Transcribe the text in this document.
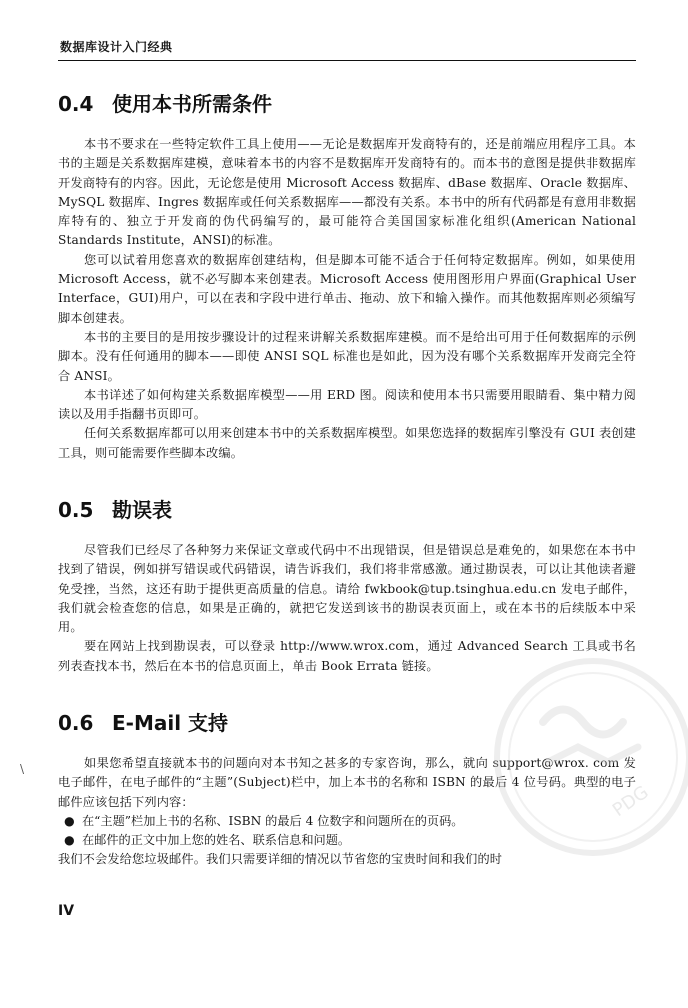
数据库设计入门经典
0.4 使用本书所需条件

本书不要求在一些特定软件工具上使用——无论是数据库开发商特有的，还是前端应用程序工具。本书的主题是关系数据库建模，意味着本书的内容不是数据库开发商特有的。而本书的意图是提供非数据库开发商特有的内容。因此，无论您是使用 Microsoft Access 数据库、dBase 数据库、Oracle 数据库、MySQL 数据库、Ingres 数据库或任何关系数据库——都没有关系。本书中的所有代码都是有意用非数据库特有的、独立于开发商的伪代码编写的，最可能符合美国国家标准化组织(American National Standards Institute，ANSI)的标准。

您可以试着用您喜欢的数据库创建结构，但是脚本可能不适合于任何特定数据库。例如，如果使用 Microsoft Access，就不必写脚本来创建表。Microsoft Access 使用图形用户界面(Graphical User Interface，GUI)用户，可以在表和字段中进行单击、拖动、放下和输入操作。而其他数据库则必须编写脚本创建表。

本书的主要目的是用按步骤设计的过程来讲解关系数据库建模。而不是给出可用于任何数据库的示例脚本。没有任何通用的脚本——即使 ANSI SQL 标准也是如此，因为没有哪个关系数据库开发商完全符合 ANSI。

本书详述了如何构建关系数据库模型——用 ERD 图。阅读和使用本书只需要用眼睛看、集中精力阅读以及用手指翻书页即可。

任何关系数据库都可以用来创建本书中的关系数据库模型。如果您选择的数据库引擎没有 GUI 表创建工具，则可能需要作些脚本改编。

0.5 勘误表

尽管我们已经尽了各种努力来保证文章或代码中不出现错误，但是错误总是难免的，如果您在本书中找到了错误，例如拼写错误或代码错误，请告诉我们，我们将非常感激。通过勘误表，可以让其他读者避免受挫，当然，这还有助于提供更高质量的信息。请给 fwkbook@tup.tsinghua.edu.cn 发电子邮件，我们就会检查您的信息，如果是正确的，就把它发送到该书的勘误表页面上，或在本书的后续版本中采用。

要在网站上找到勘误表，可以登录 http://www.wrox.com，通过 Advanced Search 工具或书名列表查找本书，然后在本书的信息页面上，单击 Book Errata 链接。

0.6 E-Mail 支持

如果您希望直接就本书的问题向对本书知之甚多的专家咨询，那么，就向 support@wrox. com 发电子邮件，在电子邮件的“主题”(Subject)栏中，加上本书的名称和 ISBN 的最后 4 位号码。典型的电子邮件应该包括下列内容：

● 在“主题”栏加上书的名称、ISBN 的最后 4 位数字和问题所在的页码。
● 在邮件的正文中加上您的姓名、联系信息和问题。

我们不会发给您垃圾邮件。我们只需要详细的情况以节省您的宝贵时间和我们的时

\
PDG
IV
